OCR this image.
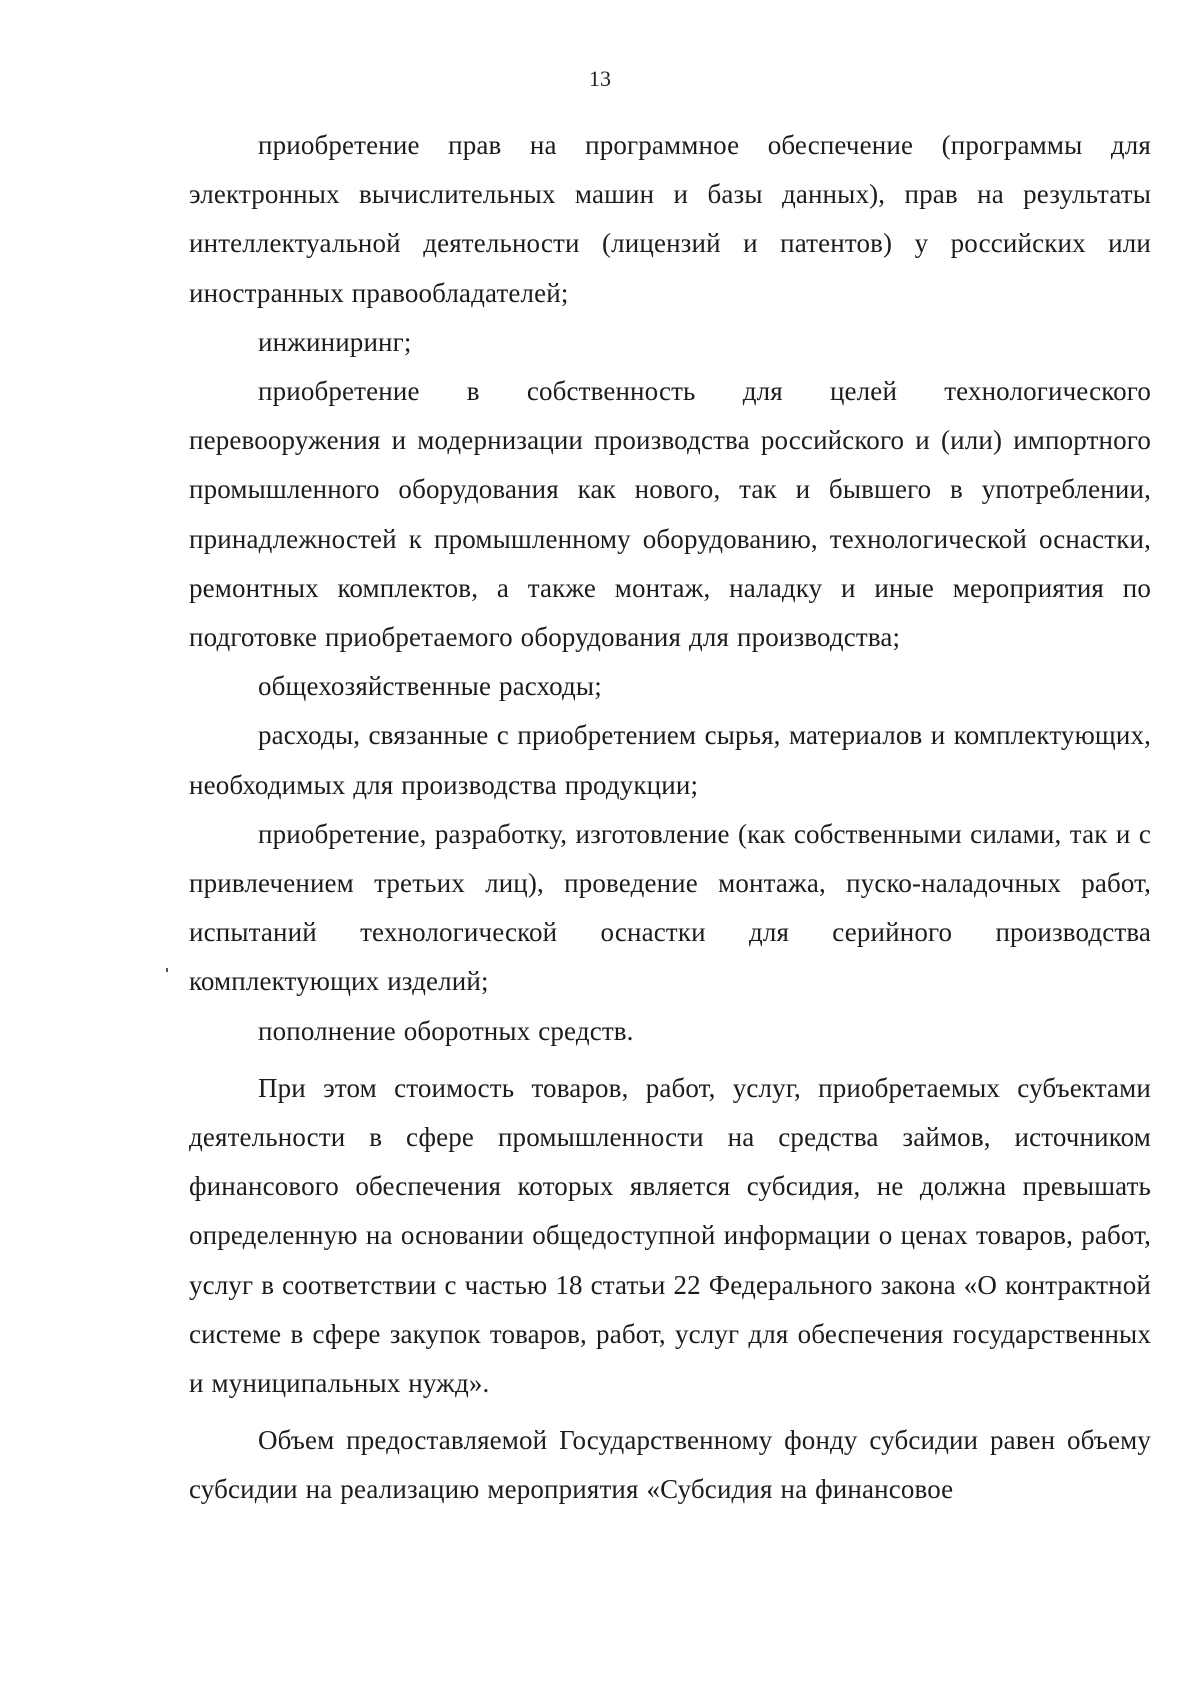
13

приобретение прав на программное обеспечение (программы для электронных вычислительных машин и базы данных), прав на результаты интеллектуальной деятельности (лицензий и патентов) у российских или иностранных правообладателей;

инжиниринг;

приобретение в собственность для целей технологического перевооружения и модернизации производства российского и (или) импортного промышленного оборудования как нового, так и бывшего в употреблении, принадлежностей к промышленному оборудованию, технологической оснастки, ремонтных комплектов, а также монтаж, наладку и иные мероприятия по подготовке приобретаемого оборудования для производства;

общехозяйственные расходы;

расходы, связанные с приобретением сырья, материалов и комплектующих, необходимых для производства продукции;

приобретение, разработку, изготовление (как собственными силами, так и с привлечением третьих лиц), проведение монтажа, пуско-наладочных работ, испытаний технологической оснастки для серийного производства комплектующих изделий;

пополнение оборотных средств.

При этом стоимость товаров, работ, услуг, приобретаемых субъектами деятельности в сфере промышленности на средства займов, источником финансового обеспечения которых является субсидия, не должна превышать определенную на основании общедоступной информации о ценах товаров, работ, услуг в соответствии с частью 18 статьи 22 Федерального закона «О контрактной системе в сфере закупок товаров, работ, услуг для обеспечения государственных и муниципальных нужд».

Объем предоставляемой Государственному фонду субсидии равен объему субсидии на реализацию мероприятия «Субсидия на финансовое
